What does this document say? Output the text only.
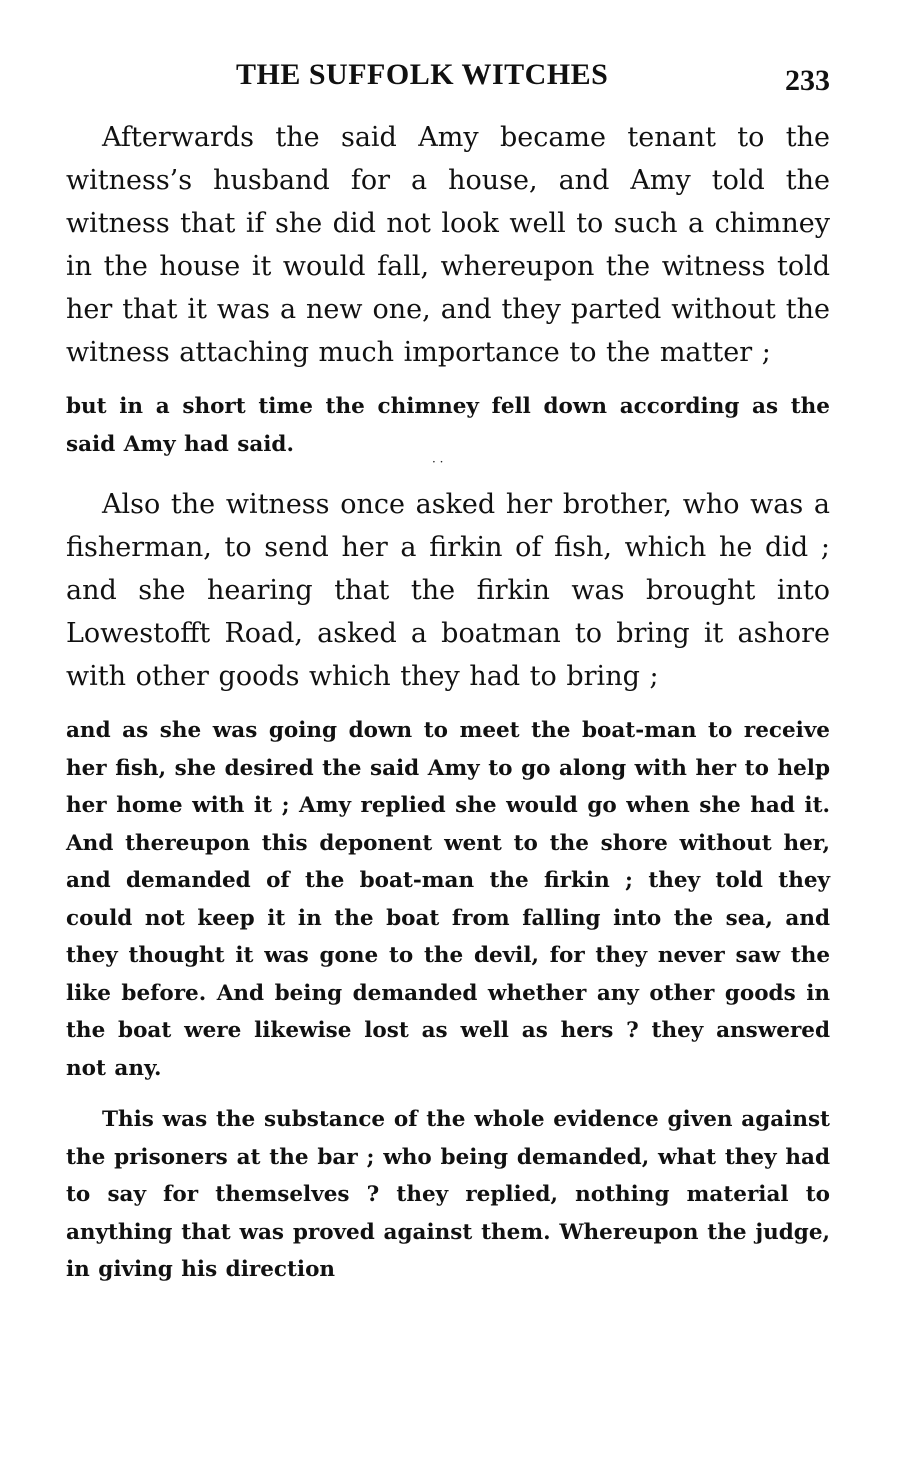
THE SUFFOLK WITCHES	233

Afterwards the said Amy became tenant to the witness’s husband for a house, and Amy told the witness that if she did not look well to such a chimney in the house it would fall, whereupon the witness told her that it was a new one, and they parted without the witness attaching much importance to the matter ;

but in a short time the chimney fell down according as the said Amy had said.

· ·

Also the witness once asked her brother, who was a fisherman, to send her a firkin of fish, which he did ; and she hearing that the firkin was brought into Lowestofft Road, asked a boatman to bring it ashore with other goods which they had to bring ;

and as she was going down to meet the boat-man to receive her fish, she desired the said Amy to go along with her to help her home with it ; Amy replied she would go when she had it. And thereupon this deponent went to the shore without her, and demanded of the boat-man the firkin ; they told they could not keep it in the boat from falling into the sea, and they thought it was gone to the devil, for they never saw the like before. And being demanded whether any other goods in the boat were likewise lost as well as hers ? they answered not any.

This was the substance of the whole evidence given against the prisoners at the bar ; who being demanded, what they had to say for themselves ? they replied, nothing material to anything that was proved against them. Whereupon the judge, in giving his direction
